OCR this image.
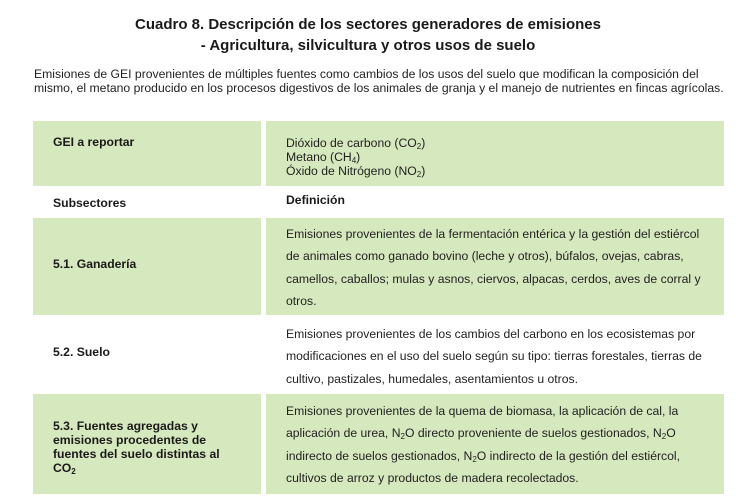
Cuadro 8. Descripción de los sectores generadores de emisiones
- Agricultura, silvicultura y otros usos de suelo
Emisiones de GEI provenientes de múltiples fuentes como cambios de los usos del suelo que modifican la composición del mismo, el metano producido en los procesos digestivos de los animales de granja y el manejo de nutrientes en fincas agrícolas.
GEI a reportar	Dióxido de carbono $(CO_2)$
Metano $(CH_4)$
Óxido de Nitrógeno $(NO_2)$
Subsectores	Definición
5.1. Ganadería
Emisiones provenientes de la fermentación entérica y la gestión del estiércol de animales como ganado bovino (leche y otros), búfalos, ovejas, cabras, camellos, caballos; mulas y asnos, ciervos, alpacas, cerdos, aves de corral y otros.
5.2. Suelo
Emisiones provenientes de los cambios del carbono en los ecosistemas por modificaciones en el uso del suelo según su tipo: tierras forestales, tierras de cultivo, pastizales, humedales, asentamientos u otros.
5.3. Fuentes agregadas y emisiones procedentes de fuentes del suelo distintas al $CO_2$
Emisiones provenientes de la quema de biomasa, la aplicación de cal, la aplicación de urea, $N_2O$ directo proveniente de suelos gestionados, $N_2O$ indirecto de suelos gestionados, $N_2O$ indirecto de la gestión del estiércol, cultivos de arroz y productos de madera recolectados.
